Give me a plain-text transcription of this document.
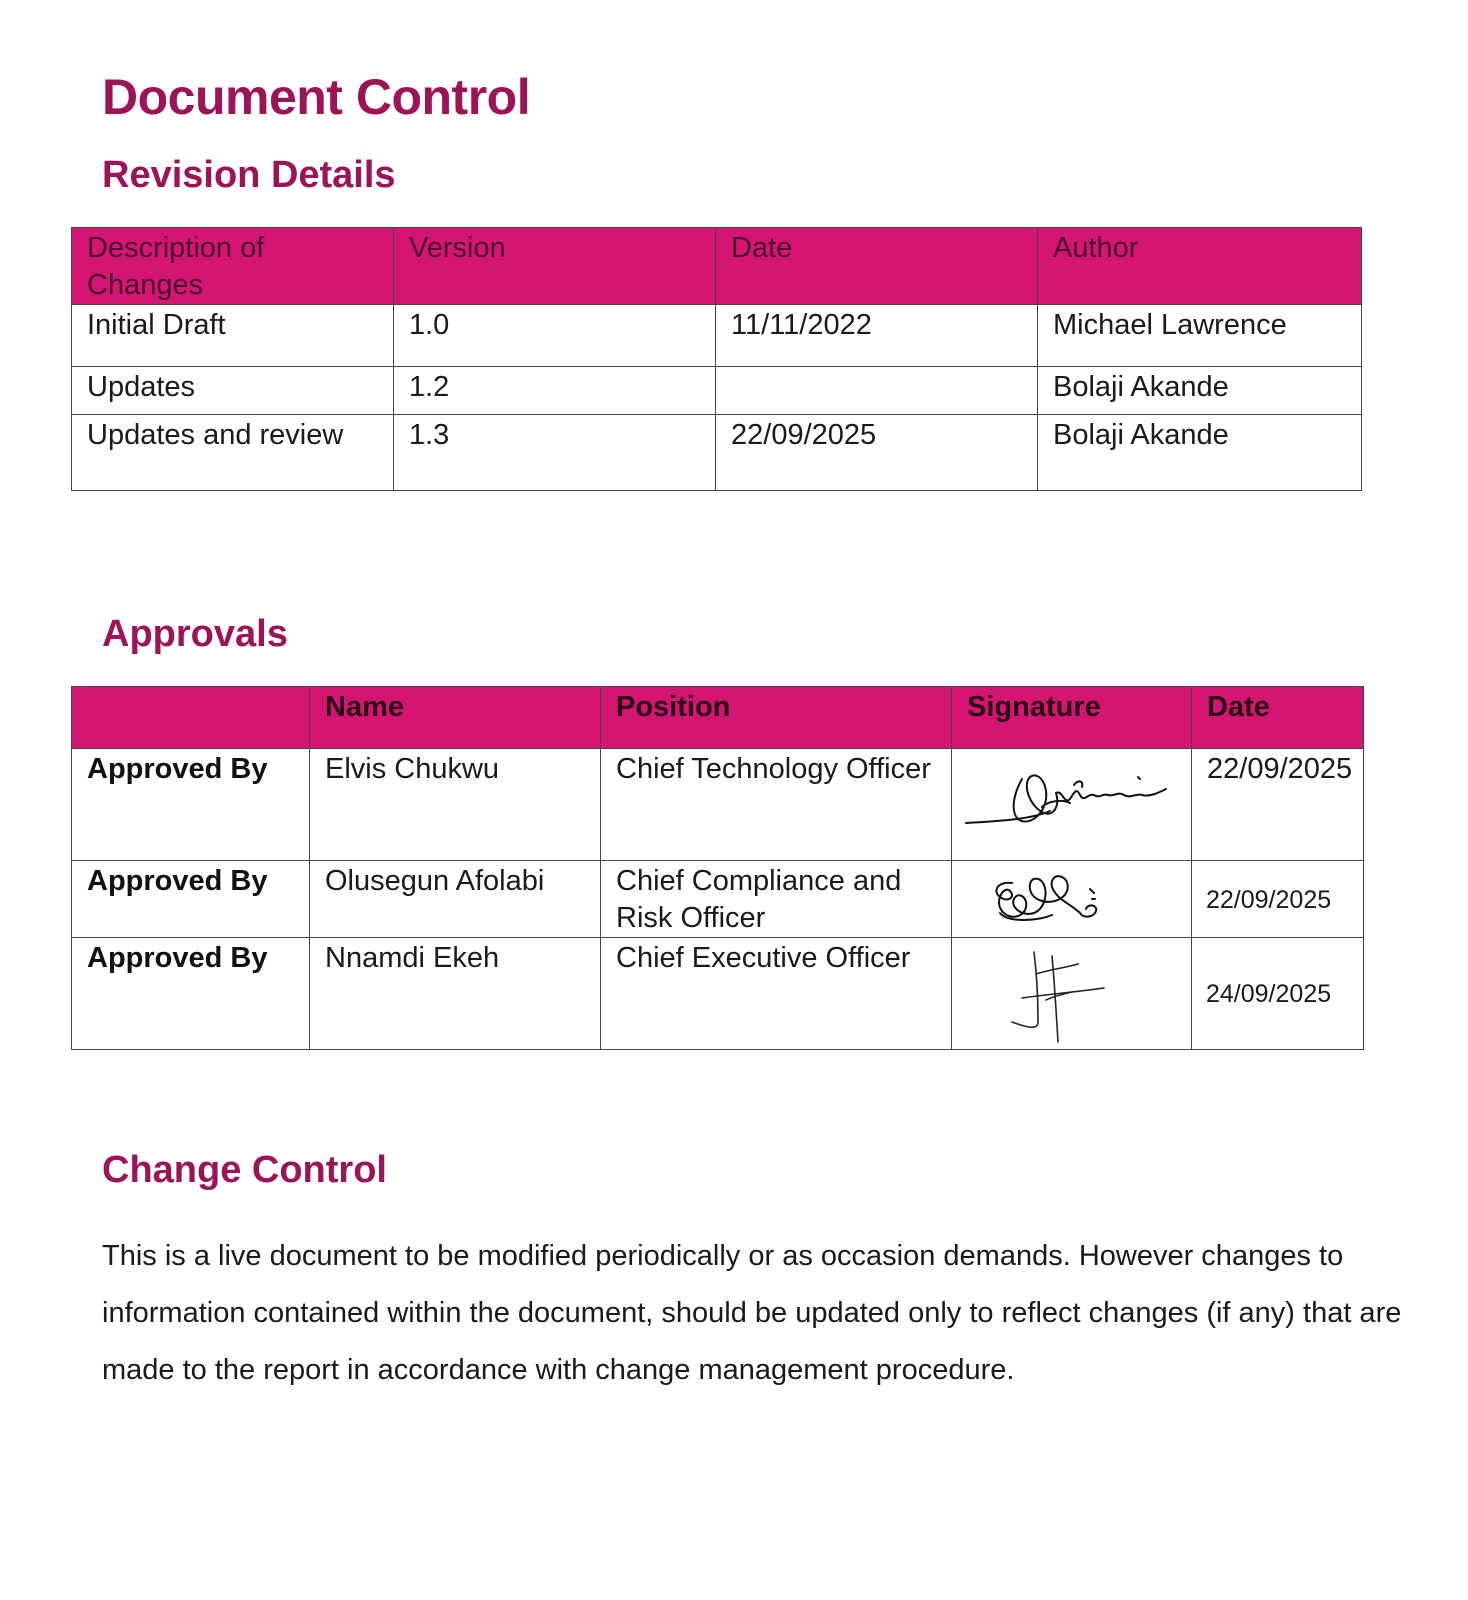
Document Control
Revision Details
Description of Changes	Version	Date	Author
Initial Draft	1.0	11/11/2022	Michael Lawrence
Updates	1.2		Bolaji Akande
Updates and review	1.3	22/09/2025	Bolaji Akande
Approvals
	Name	Position	Signature	Date
Approved By	Elvis Chukwu	Chief Technology Officer		22/09/2025
Approved By	Olusegun Afolabi	Chief Compliance and Risk Officer		22/09/2025
Approved By	Nnamdi Ekeh	Chief Executive Officer		24/09/2025
Change Control

This is a live document to be modified periodically or as occasion demands. However changes to information contained within the document, should be updated only to reflect changes (if any) that are made to the report in accordance with change management procedure.
